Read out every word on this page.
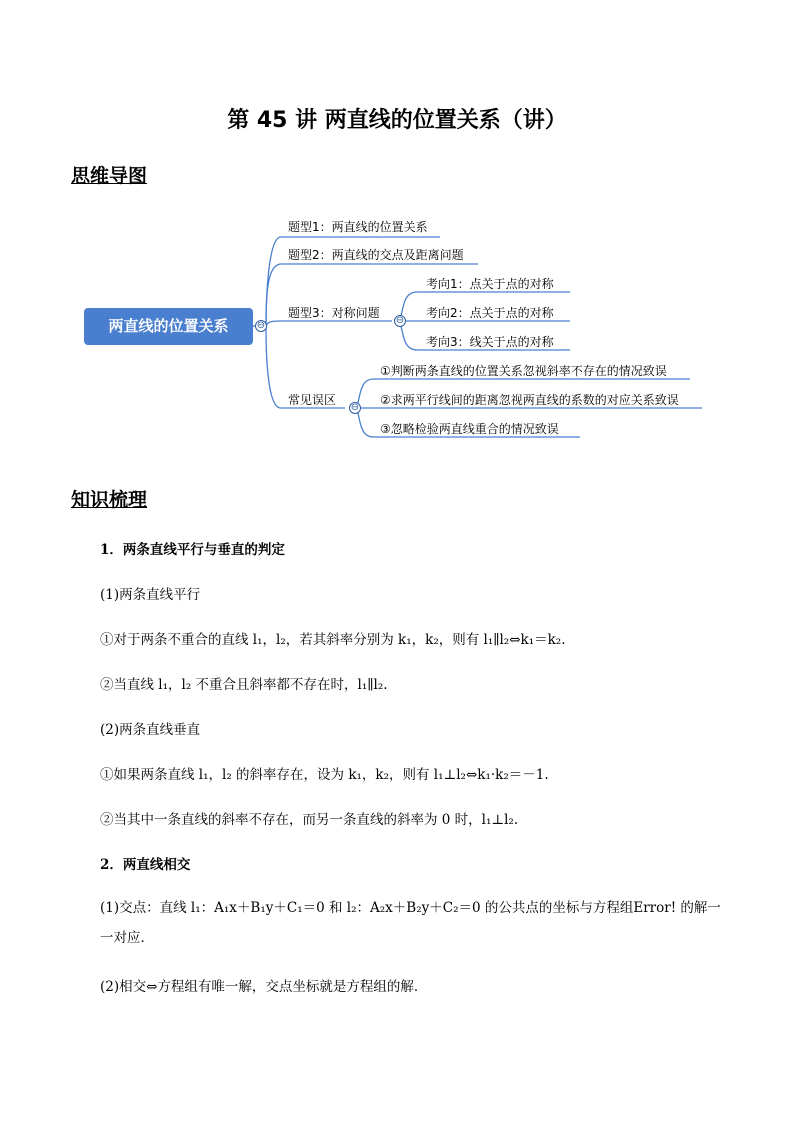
第 45 讲 两直线的位置关系（讲）
思维导图
两直线的位置关系	⊖
题型1：两直线的位置关系
题型2：两直线的交点及距离问题
题型3：对称问题
⊖
考向1：点关于点的对称
考向2：点关于点的对称
考向3：线关于点的对称
常见误区
⊖
①判断两条直线的位置关系忽视斜率不存在的情况致误
②求两平行线间的距离忽视两直线的系数的对应关系致误
③忽略检验两直线重合的情况致误
知识梳理
1．两条直线平行与垂直的判定
(1)两条直线平行
①对于两条不重合的直线 l₁，l₂，若其斜率分别为 k₁，k₂，则有 l₁∥l₂⇔k₁＝k₂.
②当直线 l₁，l₂ 不重合且斜率都不存在时，l₁∥l₂.
(2)两条直线垂直
①如果两条直线 l₁，l₂ 的斜率存在，设为 k₁，k₂，则有 l₁⊥l₂⇔k₁·k₂＝－1.
②当其中一条直线的斜率不存在，而另一条直线的斜率为 0 时，l₁⊥l₂.
2．两直线相交
(1)交点：直线 l₁：A₁x＋B₁y＋C₁＝0 和 l₂：A₂x＋B₂y＋C₂＝0 的公共点的坐标与方程组Error! 的解一一对应．
(2)相交⇔方程组有唯一解，交点坐标就是方程组的解．
